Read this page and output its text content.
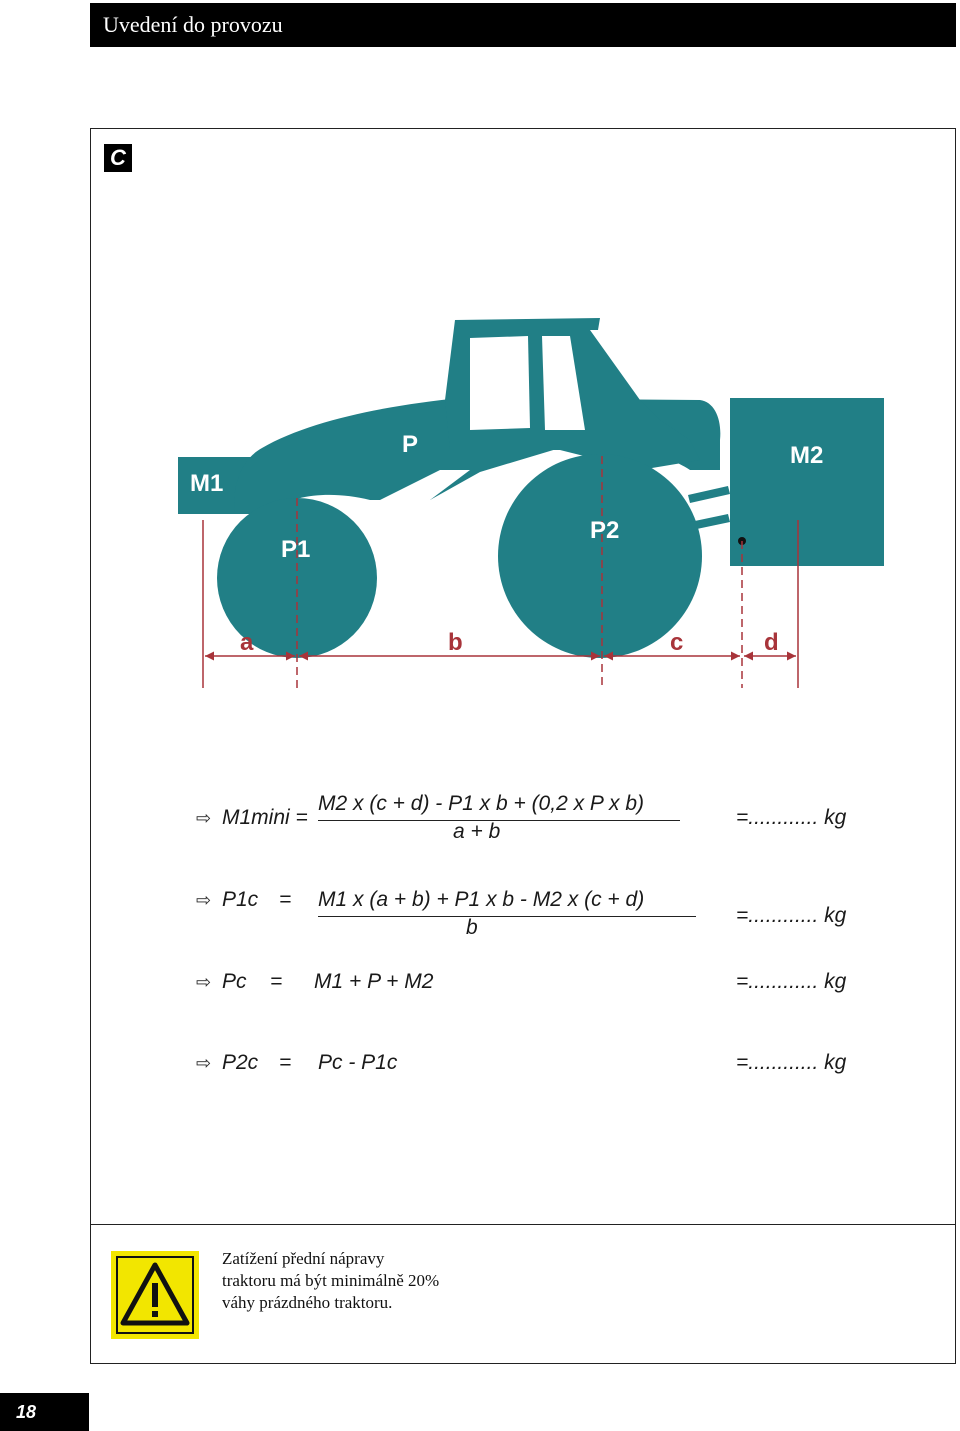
Uvedení do provozu
C
M1
P	M2
P1
P2
a	b	c	d
⇨ M1mini =
M2 x (c + d) - P1 x b + (0,2 x P x b)
a + b
=............ kg
⇨ P1c = M1 x (a + b) + P1 x b - M2 x (c + d)
b
=............ kg
⇨ Pc = M1 + P + M2	=............ kg
⇨ P2c = Pc - P1c	=............ kg
Zatížení přední nápravy traktoru má být minimálně 20% váhy prázdného traktoru.
18
